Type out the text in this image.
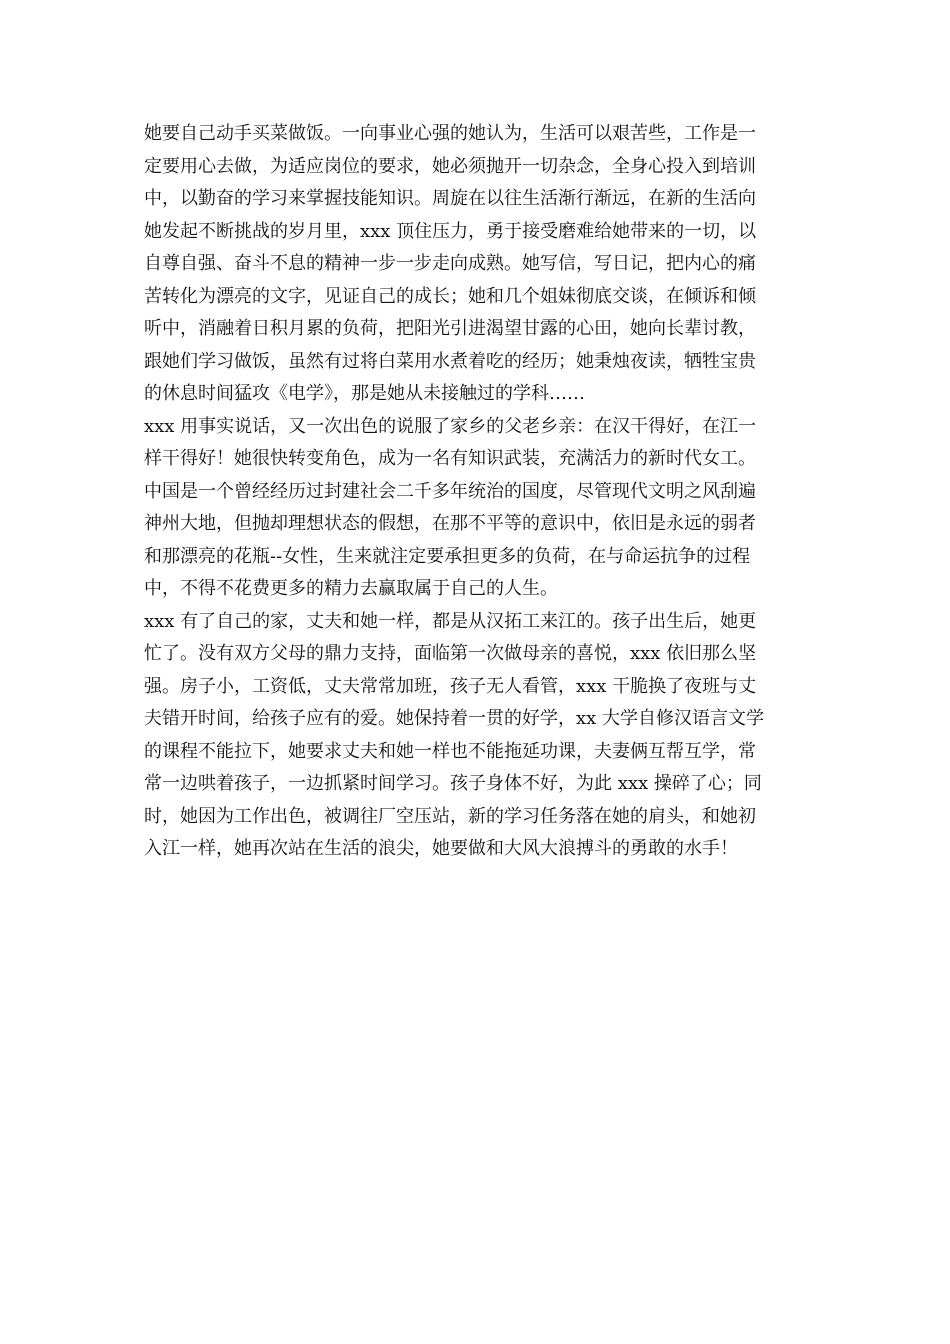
她要自己动手买菜做饭。一向事业心强的她认为，生活可以艰苦些，工作是一
定要用心去做，为适应岗位的要求，她必须抛开一切杂念，全身心投入到培训
中，以勤奋的学习来掌握技能知识。周旋在以往生活渐行渐远，在新的生活向
她发起不断挑战的岁月里，xxx 顶住压力，勇于接受磨难给她带来的一切，以
自尊自强、奋斗不息的精神一步一步走向成熟。她写信，写日记，把内心的痛
苦转化为漂亮的文字，见证自己的成长；她和几个姐妹彻底交谈，在倾诉和倾
听中，消融着日积月累的负荷，把阳光引进渴望甘露的心田，她向长辈讨教，
跟她们学习做饭，虽然有过将白菜用水煮着吃的经历；她秉烛夜读，牺牲宝贵
的休息时间猛攻《电学》，那是她从未接触过的学科……
xxx 用事实说话，又一次出色的说服了家乡的父老乡亲：在汉干得好，在江一
样干得好！她很快转变角色，成为一名有知识武装，充满活力的新时代女工。
中国是一个曾经经历过封建社会二千多年统治的国度，尽管现代文明之风刮遍
神州大地，但抛却理想状态的假想，在那不平等的意识中，依旧是永远的弱者
和那漂亮的花瓶--女性，生来就注定要承担更多的负荷，在与命运抗争的过程
中，不得不花费更多的精力去赢取属于自己的人生。
xxx 有了自己的家，丈夫和她一样，都是从汉拓工来江的。孩子出生后，她更
忙了。没有双方父母的鼎力支持，面临第一次做母亲的喜悦，xxx 依旧那么坚
强。房子小，工资低，丈夫常常加班，孩子无人看管，xxx 干脆换了夜班与丈
夫错开时间，给孩子应有的爱。她保持着一贯的好学，xx 大学自修汉语言文学
的课程不能拉下，她要求丈夫和她一样也不能拖延功课，夫妻俩互帮互学，常
常一边哄着孩子，一边抓紧时间学习。孩子身体不好，为此 xxx 操碎了心；同
时，她因为工作出色，被调往厂空压站，新的学习任务落在她的肩头，和她初
入江一样，她再次站在生活的浪尖，她要做和大风大浪搏斗的勇敢的水手！
